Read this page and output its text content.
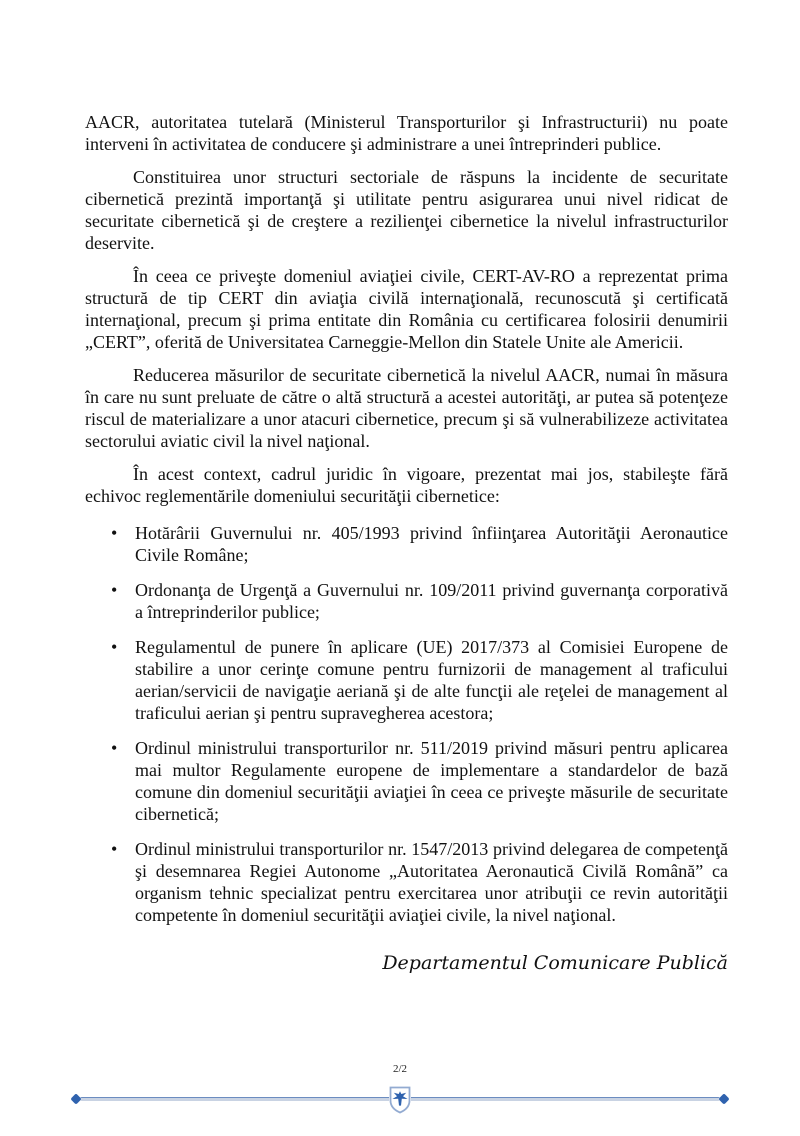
AACR, autoritatea tutelară (Ministerul Transporturilor şi Infrastructurii) nu poate interveni în activitatea de conducere şi administrare a unei întreprinderi publice.

Constituirea unor structuri sectoriale de răspuns la incidente de securitate cibernetică prezintă importanţă şi utilitate pentru asigurarea unui nivel ridicat de securitate cibernetică şi de creştere a rezilienţei cibernetice la nivelul infrastructurilor deservite.

În ceea ce priveşte domeniul aviaţiei civile, CERT-AV-RO a reprezentat prima structură de tip CERT din aviaţia civilă internaţională, recunoscută şi certificată internaţional, precum şi prima entitate din România cu certificarea folosirii denumirii „CERT”, oferită de Universitatea Carneggie-Mellon din Statele Unite ale Americii.

Reducerea măsurilor de securitate cibernetică la nivelul AACR, numai în măsura în care nu sunt preluate de către o altă structură a acestei autorităţi, ar putea să potenţeze riscul de materializare a unor atacuri cibernetice, precum şi să vulnerabilizeze activitatea sectorului aviatic civil la nivel naţional.

În acest context, cadrul juridic în vigoare, prezentat mai jos, stabileşte fără echivoc reglementările domeniului securităţii cibernetice:

• Hotărârii Guvernului nr. 405/1993 privind înfiinţarea Autorităţii Aeronautice Civile Române;
• Ordonanţa de Urgenţă a Guvernului nr. 109/2011 privind guvernanţa corporativă a întreprinderilor publice;
• Regulamentul de punere în aplicare (UE) 2017/373 al Comisiei Europene de stabilire a unor cerinţe comune pentru furnizorii de management al traficului aerian/servicii de navigaţie aeriană şi de alte funcţii ale reţelei de management al traficului aerian şi pentru supravegherea acestora;
• Ordinul ministrului transporturilor nr. 511/2019 privind măsuri pentru aplicarea mai multor Regulamente europene de implementare a standardelor de bază comune din domeniul securităţii aviaţiei în ceea ce priveşte măsurile de securitate cibernetică;
• Ordinul ministrului transporturilor nr. 1547/2013 privind delegarea de competenţă şi desemnarea Regiei Autonome „Autoritatea Aeronautică Civilă Română” ca organism tehnic specializat pentru exercitarea unor atribuţii ce revin autorităţii competente în domeniul securităţii aviaţiei civile, la nivel naţional.

Departamentul Comunicare Publică

2/2
